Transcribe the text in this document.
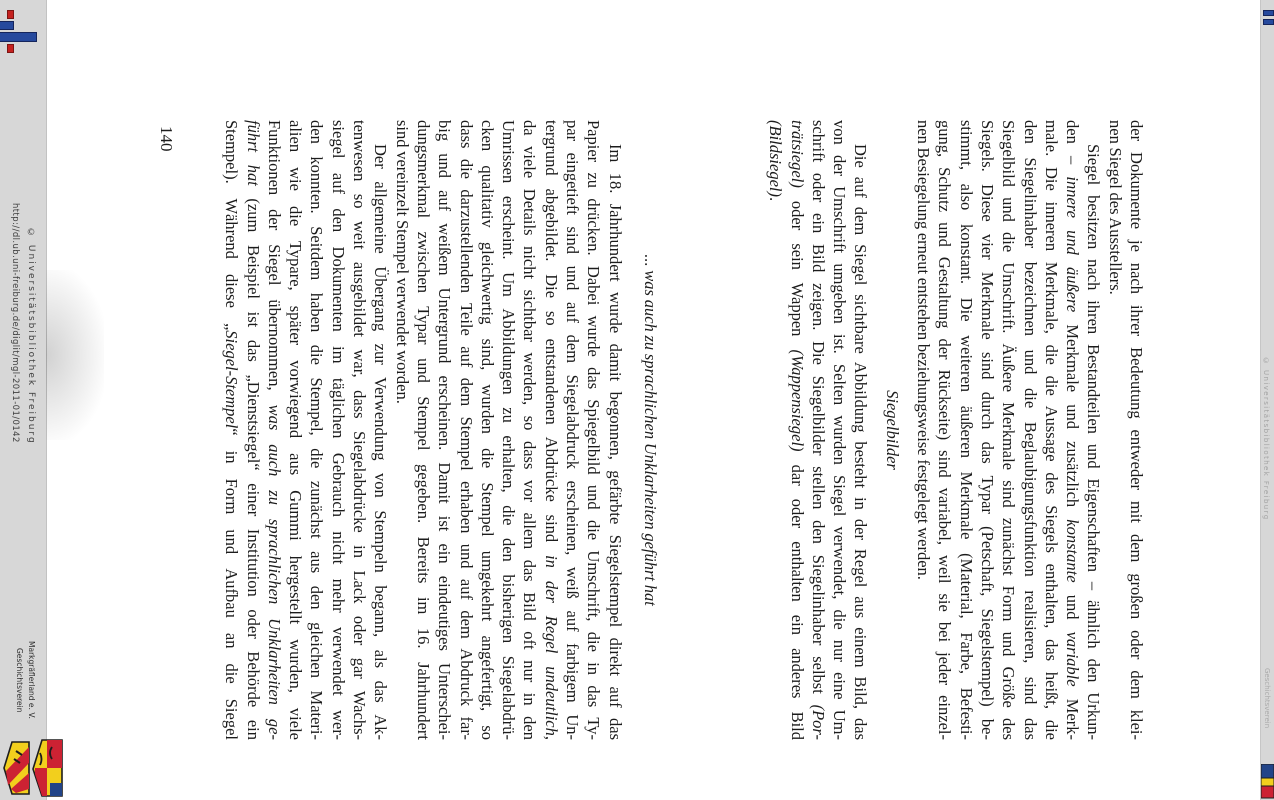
http://dl.ub.uni-freiburg.de/diglit/mgl-2011-01/0142 © Universitätsbibliothek Freiburg
Geschichtsverein Markgräflerland e. V.
140	der Dokumente je nach ihrer Bedeutung entweder mit dem großen oder dem klei-
nen Siegel des Ausstellers.
Siegel besitzen nach ihren Bestandteilen und Eigenschaften – ähnlich den Urkun-
den – innere und äußere Merkmale und zusätzlich konstante und variable Merk-
male. Die inneren Merkmale, die die Aussage des Siegels enthalten, das heißt, die
den Siegelinhaber bezeichnen und die Beglaubigungsfunktion realisieren, sind das
Siegelbild und die Umschrift. Äußere Merkmale sind zunächst Form und Größe des
Siegels. Diese vier Merkmale sind durch das Typar (Petschaft, Siegelstempel) be-
stimmt, also konstant. Die weiteren äußeren Merkmale (Material, Farbe, Befesti-
gung, Schutz und Gestaltung der Rückseite) sind variabel, weil sie bei jeder einzel-
nen Besiegelung erneut entstehen beziehungsweise festgelegt werden.
Siegelbilder
Die auf dem Siegel sichtbare Abbildung besteht in der Regel aus einem Bild, das
von der Umschrift umgeben ist. Selten wurden Siegel verwendet, die nur eine Um-
schrift oder ein Bild zeigen. Die Siegelbilder stellen den Siegelinhaber selbst (Por-
trätsiegel) oder sein Wappen (Wappensiegel) dar oder enthalten ein anderes Bild
(Bildsiegel).
... was auch zu sprachlichen Unklarheiten geführt hat
Im 18. Jahrhundert wurde damit begonnen, gefärbte Siegelstempel direkt auf das
Papier zu drücken. Dabei wurde das Spiegelbild und die Umschrift, die in das Ty-
par eingetieft sind und auf dem Siegelabdruck erscheinen, weiß auf farbigem Un-
tergrund abgebildet. Die so entstandenen Abdrücke sind in der Regel undeutlich,
da viele Details nicht sichtbar werden, so dass vor allem das Bild oft nur in den
Umrissen erscheint. Um Abbildungen zu erhalten, die den bisherigen Siegelabdrü-
cken qualitativ gleichwertig sind, wurden die Stempel umgekehrt angefertigt, so
dass die darzustellenden Teile auf dem Stempel erhaben und auf dem Abdruck far-
big und auf weißem Untergrund erscheinen. Damit ist ein eindeutiges Unterschei-
dungsmerkmal zwischen Typar und Stempel gegeben. Bereits im 16. Jahrhundert
sind vereinzelt Stempel verwendet worden.
Der allgemeine Übergang zur Verwendung von Stempeln begann, als das Ak-
tenwesen so weit ausgebildet war, dass Siegelabdrücke in Lack oder gar Wachs-
siegel auf den Dokumenten im täglichen Gebrauch nicht mehr verwendet wer-
den konnten. Seitdem haben die Stempel, die zunächst aus den gleichen Materi-
alien wie die Typare, später vorwiegend aus Gummi hergestellt wurden, viele
Funktionen der Siegel übernommen, was auch zu sprachlichen Unklarheiten ge-
führt hat (zum Beispiel ist das „Dienstsiegel“ einer Institution oder Behörde ein
Stempel). Während diese „Siegel-Stempel“ in Form und Aufbau an die Siegel	© Universitätsbibliothek Freiburg
Geschichtsverein
